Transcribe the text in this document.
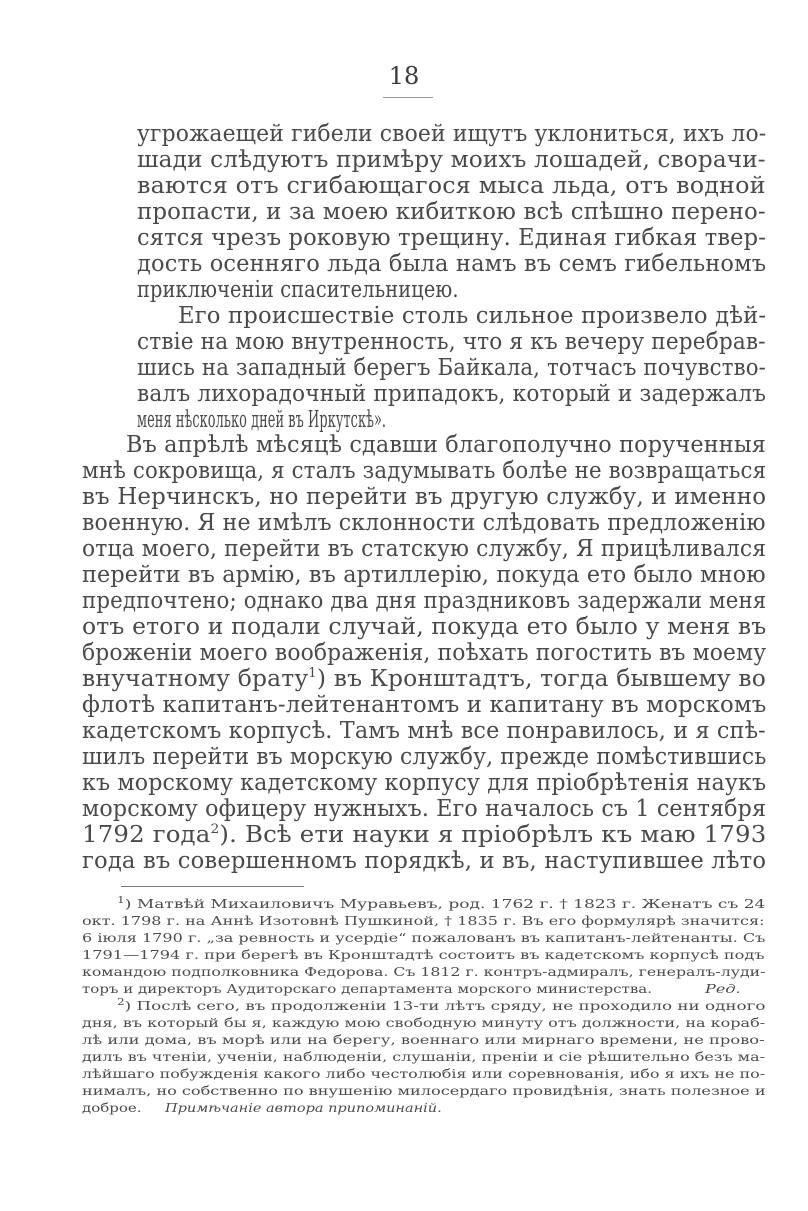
18
угрожаещей гибели своей ищутъ уклониться, ихъ ло-
шади слѣдуютъ примѣру моихъ лошадей, сворачи-
ваются отъ сгибающагося мыса льда, отъ водной
пропасти, и за моею кибиткою всѣ спѣшно перено-
сятся чрезъ роковую трещину. Единая гибкая твер-
дость осенняго льда была намъ въ семъ гибельномъ
приключенiи спасительницею.
Его происшествiе столь сильное произвело дѣй-
ствiе на мою внутренность, что я къ вечеру перебрав-
шись на западный берегъ Байкала, тотчасъ почувство-
валъ лихорадочный припадокъ, который и задержалъ
меня нѣсколько дней въ Иркутскѣ».
Въ апрѣлѣ мѣсяцѣ сдавши благополучно порученныя
мнѣ сокровища, я сталъ задумывать болѣе не возвращаться
въ Нерчинскъ, но перейти въ другую службу, и именно
военную. Я не имѣлъ склонности слѣдовать предложенiю
отца моего, перейти въ статскую службу, Я прицѣливался
перейти въ армiю, въ артиллерiю, покуда ето было мною
предпочтено; однако два дня праздниковъ задержали меня
отъ етого и подали случай, покуда ето было у меня въ
броженiи моего воображенiя, поѣхать погостить въ моему
внучатному брату$^1$) въ Кронштадтъ, тогда бывшему во
флотѣ капитанъ-лейтенантомъ и капитану въ морскомъ
кадетскомъ корпусѣ. Тамъ мнѣ все понравилось, и я спѣ-
шилъ перейти въ морскую службу, прежде помѣстившись
къ морскому кадетскому корпусу для прiобрѣтенiя наукъ
морскому офицеру нужныхъ. Его началось съ 1 сентября
1792 года$^2$). Всѣ ети науки я прiобрѣлъ къ маю 1793
года въ совершенномъ порядкѣ, и въ, наступившее лѣто
$^1$) Матвѣй Михаиловичъ Муравьевъ, род. 1762 г. † 1823 г. Женатъ съ 24
окт. 1798 г. на Аннѣ Изотовнѣ Пушкиной, † 1835 г. Въ его формулярѣ значится:
6 iюля 1790 г. „за ревность и усердiе“ пожалованъ въ капитанъ-лейтенанты. Съ
1791—1794 г. при берегѣ въ Кронштадтѣ состоитъ въ кадетскомъ корпусѣ подъ
командою подполковника Федорова. Съ 1812 г. контръ-адмиралъ, генералъ-луди-
торъ и директоръ Аудиторскаго департамента морского министерства.	Ред.
$^2$) Послѣ сего, въ продолженiи 13-ти лѣтъ сряду, не проходило ни одного
дня, въ который бы я, каждую мою свободную минуту отъ должности, на кораб-
лѣ или дома, въ морѣ или на берегу, военнаго или мирнаго времени, не прово-
дилъ въ чтенiи, ученiи, наблюденiи, слушанiи, пренiи и сiе рѣшительно безъ ма-
лѣйшаго побужденiя какого либо честолюбiя или соревнованiя, ибо я ихъ не по-
нималъ, но собственно по внушенiю милосердаго провидѣнiя, знать полезное и
доброе. Примѣчанiе автора припоминанiй.
